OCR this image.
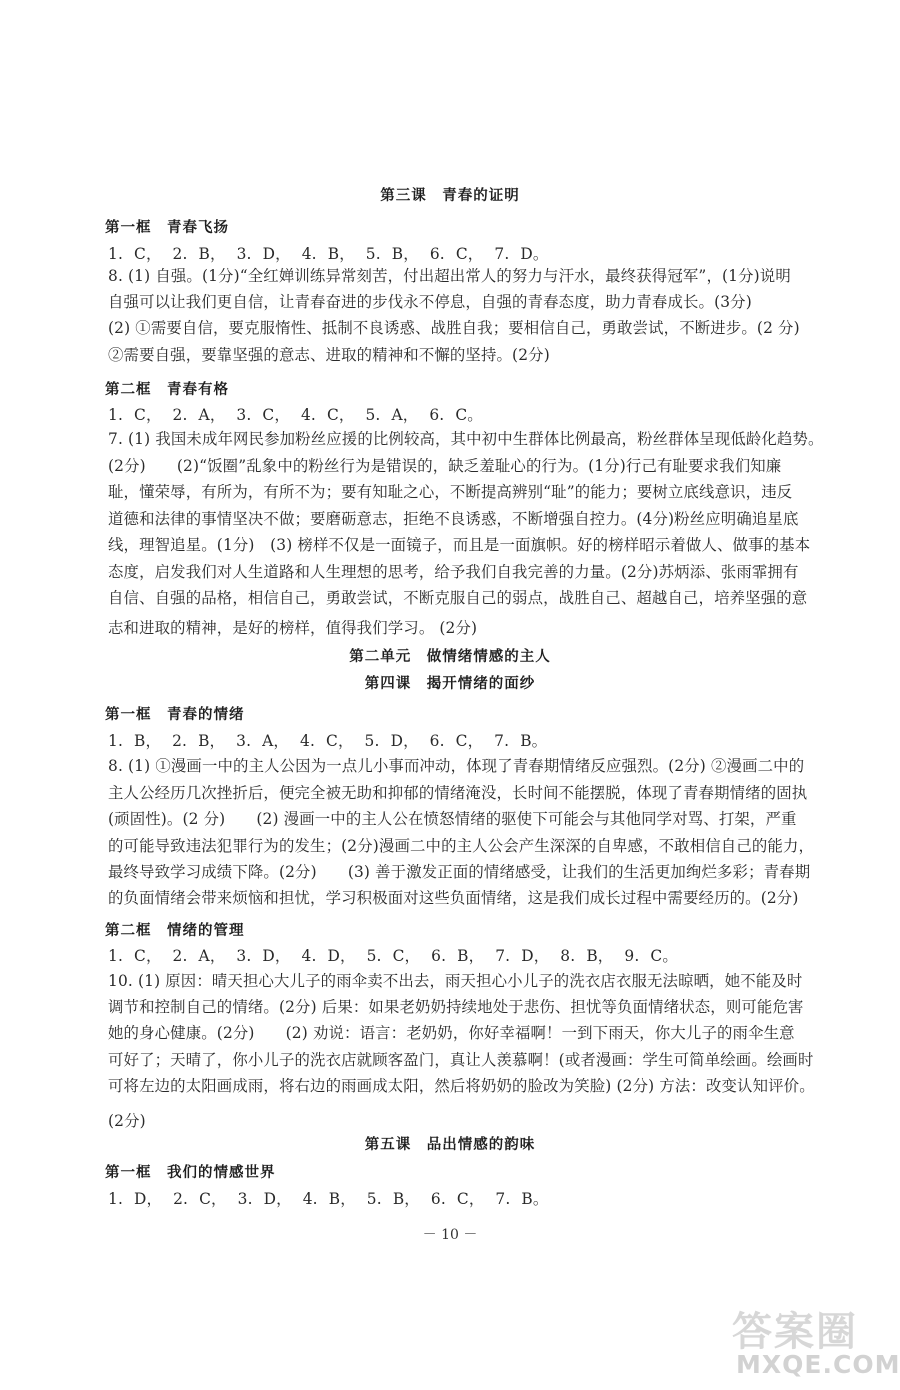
第三课　青春的证明
第一框　青春飞扬
1. C， 2. B， 3. D， 4. B， 5. B， 6. C， 7. D。
8. (1) 自强。(1分)“全红婵训练异常刻苦，付出超出常人的努力与汗水，最终获得冠军”，(1分)说明
自强可以让我们更自信，让青春奋进的步伐永不停息，自强的青春态度，助力青春成长。(3分)
(2) ①需要自信，要克服惰性、抵制不良诱惑、战胜自我；要相信自己，勇敢尝试，不断进步。(2 分)
②需要自强，要靠坚强的意志、进取的精神和不懈的坚持。(2分)
第二框　青春有格
1. C， 2. A， 3. C， 4. C， 5. A， 6. C。
7. (1) 我国未成年网民参加粉丝应援的比例较高，其中初中生群体比例最高，粉丝群体呈现低龄化趋势。
(2分)　　(2)“饭圈”乱象中的粉丝行为是错误的，缺乏羞耻心的行为。(1分)行己有耻要求我们知廉
耻，懂荣辱，有所为，有所不为；要有知耻之心，不断提高辨别“耻”的能力；要树立底线意识，违反
道德和法律的事情坚决不做；要磨砺意志，拒绝不良诱惑，不断增强自控力。(4分)粉丝应明确追星底
线，理智追星。(1分)　(3) 榜样不仅是一面镜子，而且是一面旗帜。好的榜样昭示着做人、做事的基本
态度，启发我们对人生道路和人生理想的思考，给予我们自我完善的力量。(2分)苏炳添、张雨霏拥有
自信、自强的品格，相信自己，勇敢尝试，不断克服自己的弱点，战胜自己、超越自己，培养坚强的意
志和进取的精神，是好的榜样，值得我们学习。 (2分)
第二单元　做情绪情感的主人
第四课　揭开情绪的面纱
第一框　青春的情绪
1. B， 2. B， 3. A， 4. C， 5. D， 6. C， 7. B。
8. (1) ①漫画一中的主人公因为一点儿小事而冲动，体现了青春期情绪反应强烈。(2分) ②漫画二中的
主人公经历几次挫折后，便完全被无助和抑郁的情绪淹没，长时间不能摆脱，体现了青春期情绪的固执
(顽固性)。(2 分)　　(2) 漫画一中的主人公在愤怒情绪的驱使下可能会与其他同学对骂、打架，严重
的可能导致违法犯罪行为的发生；(2分)漫画二中的主人公会产生深深的自卑感，不敢相信自己的能力，
最终导致学习成绩下降。(2分)　　(3) 善于激发正面的情绪感受，让我们的生活更加绚烂多彩；青春期
的负面情绪会带来烦恼和担忧，学习积极面对这些负面情绪，这是我们成长过程中需要经历的。(2分)
第二框　情绪的管理
1. C， 2. A， 3. D， 4. D， 5. C， 6. B， 7. D， 8. B， 9. C。
10. (1) 原因：晴天担心大儿子的雨伞卖不出去，雨天担心小儿子的洗衣店衣服无法晾晒，她不能及时
调节和控制自己的情绪。(2分) 后果：如果老奶奶持续地处于悲伤、担忧等负面情绪状态，则可能危害
她的身心健康。(2分)　　(2) 劝说：语言：老奶奶，你好幸福啊！一到下雨天，你大儿子的雨伞生意
可好了；天晴了，你小儿子的洗衣店就顾客盈门，真让人羡慕啊！(或者漫画：学生可简单绘画。绘画时
可将左边的太阳画成雨，将右边的雨画成太阳，然后将奶奶的脸改为笑脸) (2分) 方法：改变认知评价。
(2分)
第五课　品出情感的韵味
第一框　我们的情感世界
1. D， 2. C， 3. D， 4. B， 5. B， 6. C， 7. B。
－ 10 －
答案圈
MXQE.COM
